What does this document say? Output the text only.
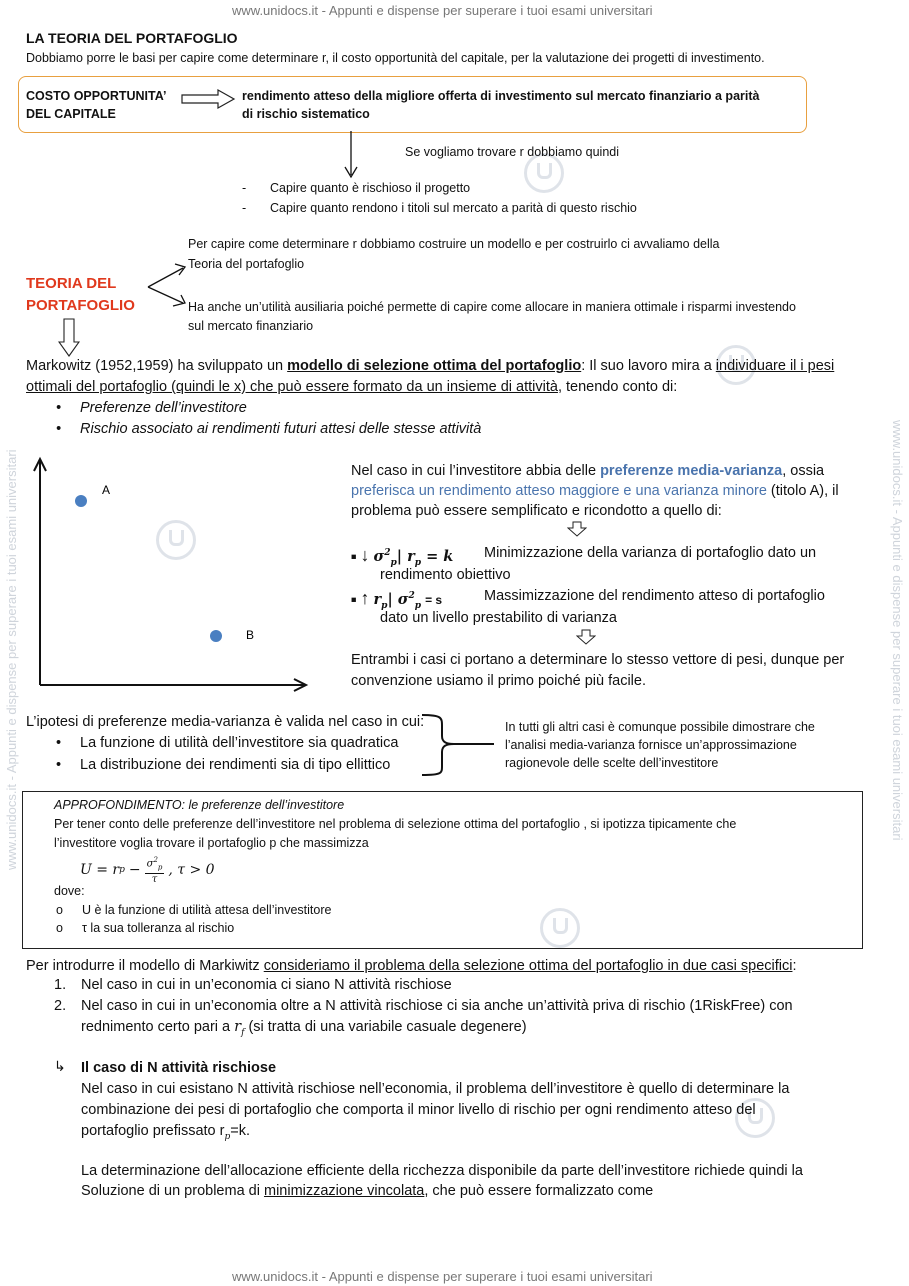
www.unidocs.it - Appunti e dispense per superare i tuoi esami universitari
www.unidocs.it - Appunti e dispense per superare i tuoi esami universitari
www.unidocs.it - Appunti e dispense per superare i tuoi esami universitari	www.unidocs.it - Appunti e dispense per superare i tuoi esami universitari
LA TEORIA DEL PORTAFOGLIO
Dobbiamo porre le basi per capire come determinare r, il costo opportunità del capitale, per la valutazione dei progetti di investimento.
COSTO OPPORTUNITA’
DEL CAPITALE
rendimento atteso della migliore offerta di investimento sul mercato finanziario a parità
di rischio sistematico
Se vogliamo trovare r dobbiamo quindi
- Capire quanto è rischioso il progetto
- Capire quanto rendono i titoli sul mercato a parità di questo rischio
TEORIA DEL
PORTAFOGLIO
Per capire come determinare r dobbiamo costruire un modello e per costruirlo ci avvaliamo della
Teoria del portafoglio
Ha anche un’utilità ausiliaria poiché permette di capire come allocare in maniera ottimale i risparmi investendo
sul mercato finanziario
Markowitz (1952,1959) ha sviluppato un modello di selezione ottima del portafoglio: Il suo lavoro mira a individuare il i pesi
ottimali del portafoglio (quindi le x) che può essere formato da un insieme di attività, tenendo conto di:
• Preferenze dell’investitore
• Rischio associato ai rendimenti futuri attesi delle stesse attività
A
B
Nel caso in cui l’investitore abbia delle preferenze media-varianza, ossia
preferisca un rendimento atteso maggiore e una varianza minore (titolo A), il
problema può essere semplificato e ricondotto a quello di:
■ ↓ $\sigma^2_p|$ $r_p = k$ Minimizzazione della varianza di portafoglio dato un
rendimento obiettivo
■ ↑ $r_p|$ $\sigma^2_p = s$	Massimizzazione del rendimento atteso di portafoglio
dato un livello prestabilito di varianza
Entrambi i casi ci portano a determinare lo stesso vettore di pesi, dunque per
convenzione usiamo il primo poiché più facile.
L’ipotesi di preferenze media-varianza è valida nel caso in cui:
• La funzione di utilità dell’investitore sia quadratica
• La distribuzione dei rendimenti sia di tipo ellittico
In tutti gli altri casi è comunque possibile dimostrare che
l’analisi media-varianza fornisce un’approssimazione
ragionevole delle scelte dell’investitore
APPROFONDIMENTO: le preferenze dell’investitore
Per tener conto delle preferenze dell’investitore nel problema di selezione ottima del portafoglio , si ipotizza tipicamente che
l’investitore voglia trovare il portafoglio p che massimizza
U = r $p - \frac{\sigma^2_p}{\tau}$ , τ > 0
dove:
o U è la funzione di utilità attesa dell’investitore
o τ la sua tolleranza al rischio
Per introdurre il modello di Markiwitz consideriamo il problema della selezione ottima del portafoglio in due casi specifici:
1. Nel caso in cui in un’economia ci siano N attività rischiose
2. Nel caso in cui in un’economia oltre a N attività rischiose ci sia anche un’attività priva di rischio (1RiskFree) con
rednimento certo pari a $r_f$ (si tratta di una variabile casuale degenere)
↳ Il caso di N attività rischiose
Nel caso in cui esistano N attività rischiose nell’economia, il problema dell’investitore è quello di determinare la
combinazione dei pesi di portafoglio che comporta il minor livello di rischio per ogni rendimento atteso del
portafoglio prefissato $r_p=k$.
La determinazione dell’allocazione efficiente della ricchezza disponibile da parte dell’investitore richiede quindi la
Soluzione di un problema di minimizzazione vincolata, che può essere formalizzato come
